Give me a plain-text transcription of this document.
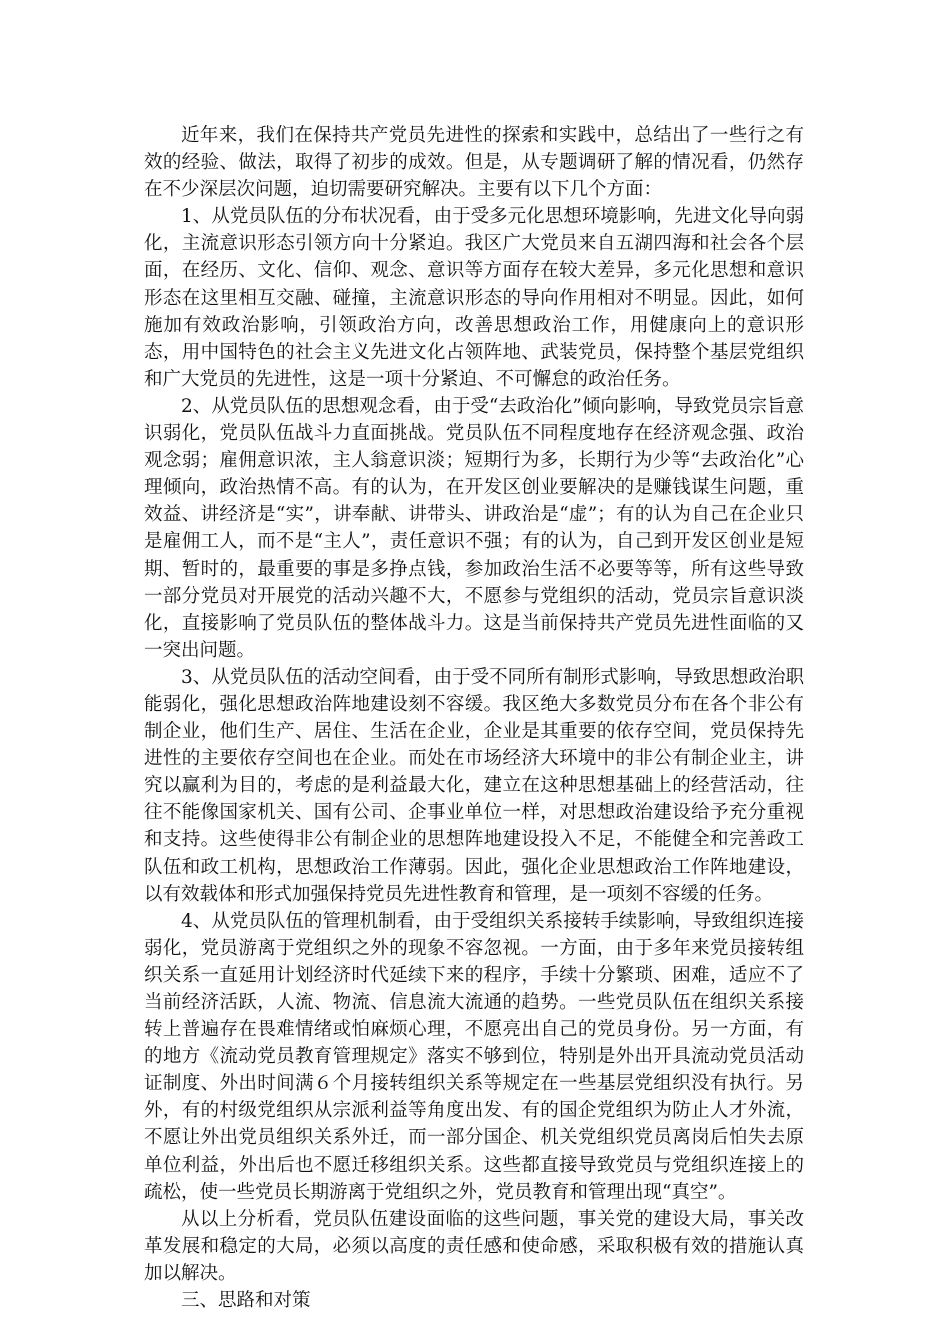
近年来，我们在保持共产党员先进性的探索和实践中，总结出了一些行之有效的经验、做法，取得了初步的成效。但是，从专题调研了解的情况看，仍然存在不少深层次问题，迫切需要研究解决。主要有以下几个方面：

1、从党员队伍的分布状况看，由于受多元化思想环境影响，先进文化导向弱化，主流意识形态引领方向十分紧迫。我区广大党员来自五湖四海和社会各个层面，在经历、文化、信仰、观念、意识等方面存在较大差异，多元化思想和意识形态在这里相互交融、碰撞，主流意识形态的导向作用相对不明显。因此，如何施加有效政治影响，引领政治方向，改善思想政治工作，用健康向上的意识形态，用中国特色的社会主义先进文化占领阵地、武装党员，保持整个基层党组织和广大党员的先进性，这是一项十分紧迫、不可懈怠的政治任务。

2、从党员队伍的思想观念看，由于受“去政治化”倾向影响，导致党员宗旨意识弱化，党员队伍战斗力直面挑战。党员队伍不同程度地存在经济观念强、政治观念弱；雇佣意识浓，主人翁意识淡；短期行为多，长期行为少等“去政治化”心理倾向，政治热情不高。有的认为，在开发区创业要解决的是赚钱谋生问题，重效益、讲经济是“实”，讲奉献、讲带头、讲政治是“虚”；有的认为自己在企业只是雇佣工人，而不是“主人”，责任意识不强；有的认为，自己到开发区创业是短期、暂时的，最重要的事是多挣点钱，参加政治生活不必要等等，所有这些导致一部分党员对开展党的活动兴趣不大，不愿参与党组织的活动，党员宗旨意识淡化，直接影响了党员队伍的整体战斗力。这是当前保持共产党员先进性面临的又一突出问题。

3、从党员队伍的活动空间看，由于受不同所有制形式影响，导致思想政治职能弱化，强化思想政治阵地建设刻不容缓。我区绝大多数党员分布在各个非公有制企业，他们生产、居住、生活在企业，企业是其重要的依存空间，党员保持先进性的主要依存空间也在企业。而处在市场经济大环境中的非公有制企业主，讲究以赢利为目的，考虑的是利益最大化，建立在这种思想基础上的经营活动，往往不能像国家机关、国有公司、企事业单位一样，对思想政治建设给予充分重视和支持。这些使得非公有制企业的思想阵地建设投入不足，不能健全和完善政工队伍和政工机构，思想政治工作薄弱。因此，强化企业思想政治工作阵地建设，以有效载体和形式加强保持党员先进性教育和管理，是一项刻不容缓的任务。

4、从党员队伍的管理机制看，由于受组织关系接转手续影响，导致组织连接弱化，党员游离于党组织之外的现象不容忽视。一方面，由于多年来党员接转组织关系一直延用计划经济时代延续下来的程序，手续十分繁琐、困难，适应不了当前经济活跃，人流、物流、信息流大流通的趋势。一些党员队伍在组织关系接转上普遍存在畏难情绪或怕麻烦心理，不愿亮出自己的党员身份。另一方面，有的地方《流动党员教育管理规定》落实不够到位，特别是外出开具流动党员活动证制度、外出时间满６个月接转组织关系等规定在一些基层党组织没有执行。另外，有的村级党组织从宗派利益等角度出发、有的国企党组织为防止人才外流，不愿让外出党员组织关系外迁，而一部分国企、机关党组织党员离岗后怕失去原单位利益，外出后也不愿迁移组织关系。这些都直接导致党员与党组织连接上的疏松，使一些党员长期游离于党组织之外，党员教育和管理出现“真空”。

从以上分析看，党员队伍建设面临的这些问题，事关党的建设大局，事关改革发展和稳定的大局，必须以高度的责任感和使命感，采取积极有效的措施认真加以解决。

三、思路和对策
